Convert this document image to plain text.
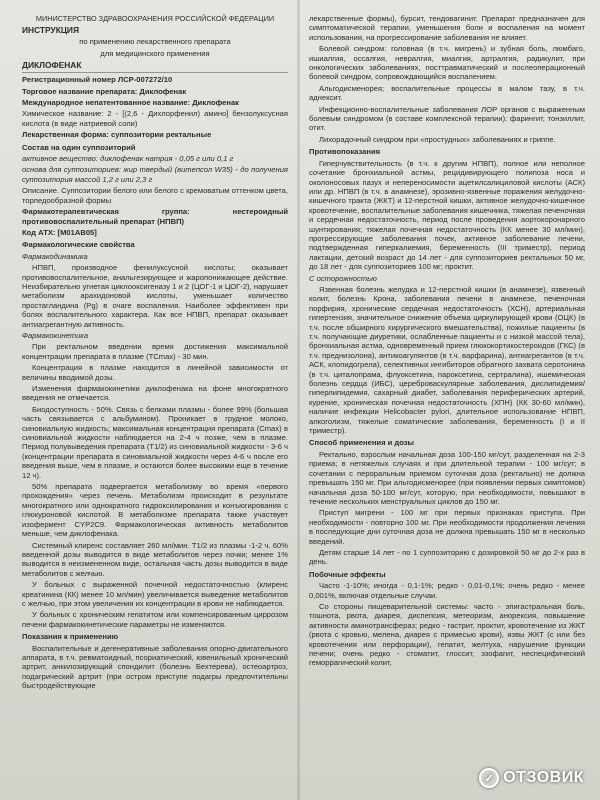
МИНИСТЕРСТВО ЗДРАВООХРАНЕНИЯ РОССИЙСКОЙ ФЕДЕРАЦИИ

ИНСТРУКЦИЯ

по применению лекарственного препарата

для медицинского применения

ДИКЛОФЕНАК

Регистрационный номер ЛСР-007272/10

Торговое название препарата: Диклофенак

Международное непатентованное название: Диклофенак

Химическое название: 2 - [(2,6 - Дихлорфенил) амино] бензолуксусная кислота (в виде натриевой соли)

Лекарственная форма: суппозитории ректальные

Состав на один суппозиторий

активное вещество: диклофенак натрия - 0,05 г или 0,1 г

основа для суппозиториев: жир твердый (витепсол W35) - до получения суппозитория массой 1,2 г или 2,3 г

Описание. Суппозитории белого или белого с кремоватым оттенком цвета, торпедообразной формы

Фармакотерапевтическая группа: нестероидный противовоспалительный препарат (НПВП)

Код АТХ: [M01AB05]

Фармакологические свойства

Фармакодинамика

НПВП, производное фенилуксусной кислоты; оказывает противовоспалительное, анальгезирующее и жаропонижающее действие. Неизбирательно угнетая циклооксигеназу 1 и 2 (ЦОГ-1 и ЦОГ-2), нарушает метаболизм арахидоновой кислоты, уменьшает количество простагландина (Pg) в очаге воспаления. Наиболее эффективен при болях воспалительного характера. Как все НПВП, препарат оказывает антиагрегантную активность.

Фармакокинетика

При ректальном введении время достижения максимальной концентрации препарата в плазме (TCmax) - 30 мин.

Концентрация в плазме находится в линейной зависимости от величины вводимой дозы.

Изменения фармакокинетики диклофенака на фоне многократного введения не отмечается.

Биодоступность - 50%. Связь с белками плазмы - более 99% (большая часть связывается с альбумином). Проникает в грудное молоко, синовиальную жидкость; максимальная концентрация препарата (Cmax) в синовиальной жидкости наблюдается на 2-4 ч позже, чем в плазме. Период полувыведения препарата (T1/2) из синовиальной жидкости - 3-6 ч (концентрации препарата в синовиальной жидкости через 4-6 ч после его введения выше, чем в плазме, и остаются более высокими еще в течение 12 ч).

50% препарата подвергается метаболизму во время «первого прохождения» через печень. Метаболизм происходит в результате многократного или однократного гидроксилирования и конъюгирования с глюкуроновой кислотой. В метаболизме препарата также участвует изофермент CYP2C9. Фармакологическая активность метаболитов меньше, чем диклофенака.

Системный клиренс составляет 260 мл/мин. T1/2 из плазмы -1-2 ч. 60% введенной дозы выводится в виде метаболитов через почки; менее 1% выводится в неизмененном виде, остальная часть дозы выводится в виде метаболитов с желчью.

У больных с выраженной почечной недостаточностью (клиренс креатинина (КК) менее 10 мл/мин) увеличивается выведение метаболитов с желчью, при этом увеличения их концентрации в крови не наблюдается.

У больных с хроническим гепатитом или компенсированным циррозом печени фармакокинетические параметры не изменяются.

Показания к применению

Воспалительные и дегенеративные заболевания опорно-двигательного аппарата, в т.ч. ревматоидный, псориатический, ювенильный хронический артрит, анкилозирующий спондилит (болезнь Бехтерева), остеоартроз, подагрический артрит (при остром приступе подагры предпочтительны быстродействующие

лекарственные формы), бурсит, тендовагинит. Препарат предназначен для симптоматической терапии, уменьшения боли и воспаления на момент использования, на прогрессирование заболевания не влияет.

Болевой синдром: головная (в т.ч. мигрень) и зубная боль, люмбаго, ишиалгия, оссалгия, невралгия, миалгия, артралгия, радикулит, при онкологических заболеваниях, посттравматический и послеоперационный болевой синдром, сопровождающийся воспалением.

Альгодисменорея; воспалительные процессы в малом тазу, в т.ч. аднексит.

Инфекционно-воспалительные заболевания ЛОР органов с выраженным болевым синдромом (в составе комплексной терапии): фарингит, тонзиллит, отит.

Лихорадочный синдром при «простудных» заболеваниях и гриппе.

Противопоказания

Гиперчувствительность (в т.ч. к другим НПВП), полное или неполное сочетание бронхиальной астмы, рецидивирующего полипоза носа и околоносовых пазух и непереносимости ацетилсалициловой кислоты (АСК) или др. НПВП (в т.ч. в анамнезе), эрозивно-язвенные поражения желудочно-кишечного тракта (ЖКТ) и 12-перстной кишки, активное желудочно-кишечное кровотечение, воспалительные заболевания кишечника, тяжелая печеночная и сердечная недостаточность, период после проведения аортокоронарного шунтирования; тяжелая почечная недостаточность (КК менее 30 мл/мин), прогрессирующие заболевания почек, активное заболевание печени, подтвержденная гиперкалиемия, беременность (III триместр), период лактации, детский возраст до 14 лет - для суппозиториев ректальных 50 мг, до 18 лет - для суппозиториев 100 мг; проктит.

С осторожностью

Язвенная болезнь желудка и 12-перстной кишки (в анамнезе), язвенный колит, болезнь Крона, заболевания печени в анамнезе, печеночная порфирия, хронические сердечная недостаточность (ХСН), артериальная гипертензия, значительное снижение объема циркулирующей крови (ОЦК) (в т.ч. после обширного хирургического вмешательства), пожилые пациенты (в т.ч. получающие диуретики, ослабленные пациенты и с низкой массой тела), бронхиальная астма, одновременный прием глюкокортикостероидов (ГКС) (в т.ч. преднизолона), антикоагулянтов (в т.ч. варфарина), антиагрегантов (в т.ч. АСК, клопидогрела), селективных ингибиторов обратного захвата серотонина (в т.ч. циталопрама, флуоксетина, пароксетина, сертралина), ишемическая болезнь сердца (ИБС), цереброваскулярные заболевания, дислипидемия/гиперлипидемия, сахарный диабет, заболевания периферических артерий, курение, хроническая почечная недостаточность (ХПН) (КК 30-60 мл/мин), наличие инфекции Helicobacter pylori, длительное использование НПВП, алкоголизм, тяжелые соматические заболевания, беременность (I и II триместр).

Способ применения и дозы

Ректально, взрослым начальная доза 100-150 мг/сут, разделенная на 2-3 приема; в нетяжелых случаях и при длительной терапии - 100 мг/сут; в сочетании с пероральным приемом суточная доза (ректально) не должна превышать 150 мг. При альгодисменорее (при появлении первых симптомов) начальная доза 50-100 мг/сут, которую, при необходимости, повышают в течение нескольких менструальных циклов до 150 мг.

Приступ мигрени - 100 мг при первых признаках приступа. При необходимости - повторно 100 мг. При необходимости продолжения лечения в последующие дни суточная доза не должна превышать 150 мг в несколько введений.

Детям старше 14 лет - по 1 суппозиторию с дозировкой 50 мг до 2-х раз в день.

Побочные эффекты

Часто -1-10%; иногда - 0,1-1%; редко - 0,01-0,1%; очень редко - менее 0,001%, включая отдельные случаи.

Со стороны пищеварительной системы: часто - эпигастральная боль, тошнота, рвота, диарея, диспепсия, метеоризм, анорексия, повышение активности аминотрансфераз; редко - гастрит, проктит, кровотечение из ЖКТ (рвота с кровью, мелена, диарея с примесью крови), язвы ЖКТ (с или без кровотечения или перфорации), гепатит, желтуха, нарушение функции печени; очень редко - стоматит, глоссит, эзофагит, неспецифический геморрагический колит,

✓ ОТЗОВИК
